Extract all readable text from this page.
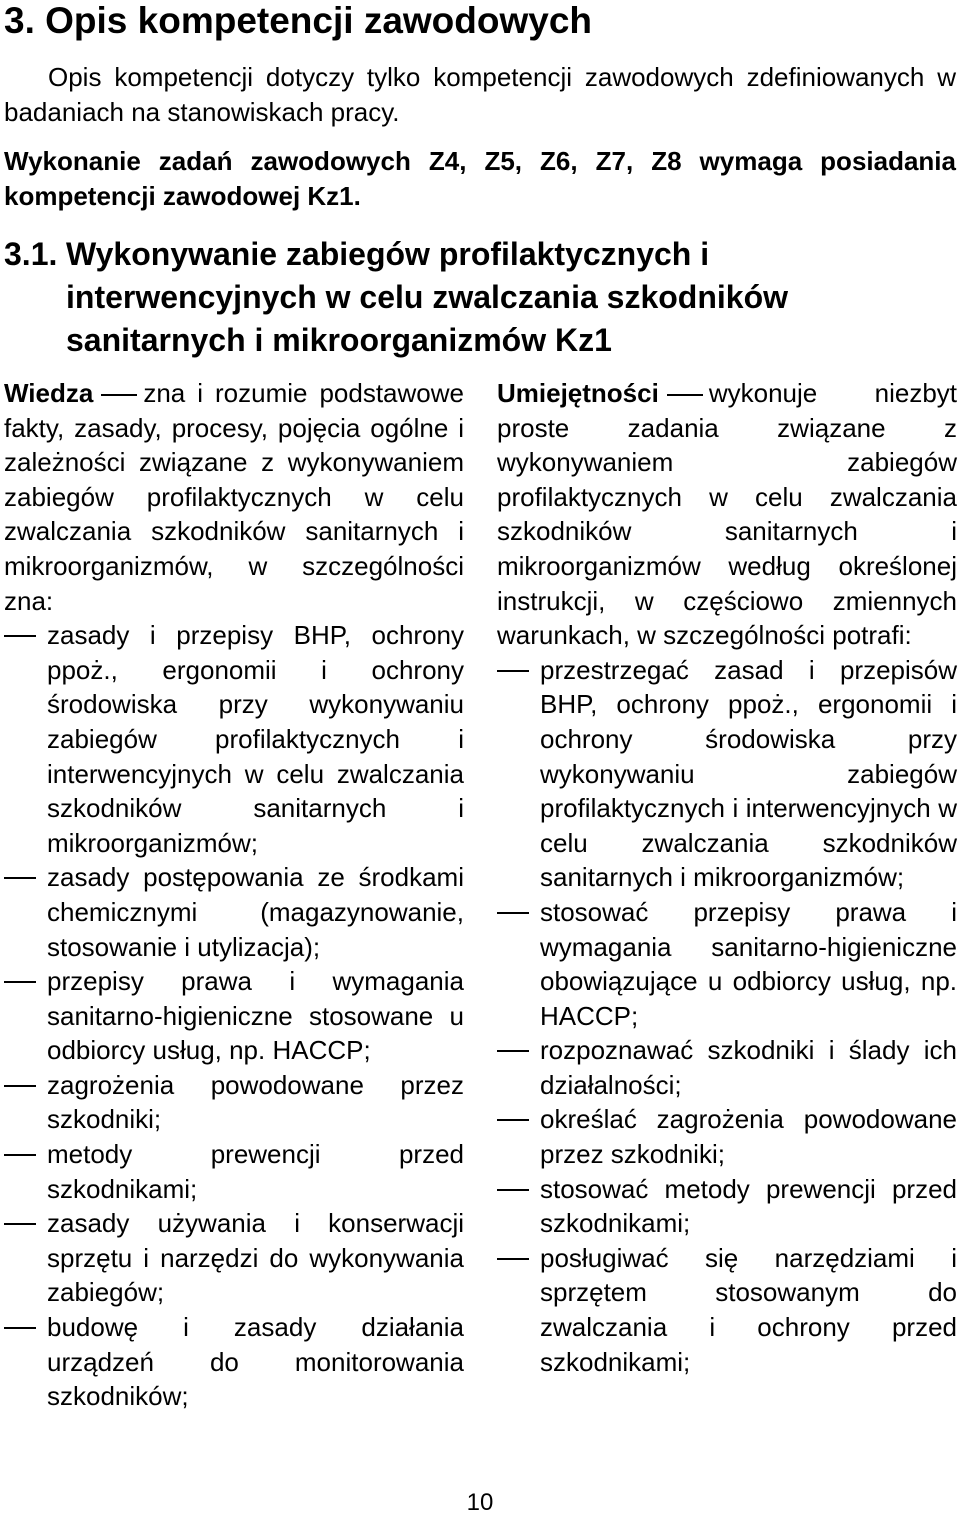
3. Opis kompetencji zawodowych

Opis kompetencji dotyczy tylko kompetencji zawodowych zdefiniowanych w badaniach na stanowiskach pracy.

Wykonanie zadań zawodowych Z4, Z5, Z6, Z7, Z8 wymaga posiadania kompetencji zawodowej Kz1.

3.1. Wykonywanie zabiegów profilaktycznych i interwencyjnych w celu zwalczania szkodników sanitarnych i mikroorganizmów Kz1

Wiedza zna i rozumie podstawowe fakty, zasady, procesy, pojęcia ogólne i zależności związane z wykonywaniem zabiegów profilaktycznych w celu zwalczania szkodników sanitarnych i mikroorganizmów, w szczególności zna:

zasady i przepisy BHP, ochrony ppoż., ergonomii i ochrony środowiska przy wykonywaniu zabiegów profilaktycznych i interwencyjnych w celu zwalczania szkodników sanitarnych i mikroorganizmów;
zasady postępowania ze środkami chemicznymi (magazynowanie, stosowanie i utylizacja);
przepisy prawa i wymagania sanitarno-higieniczne stosowane u odbiorcy usług, np. HACCP;
zagrożenia powodowane przez szkodniki;
metody prewencji przed szkodnikami;
zasady używania i konserwacji sprzętu i narzędzi do wykonywania zabiegów;
budowę i zasady działania urządzeń do monitorowania szkodników;

Umiejętności wykonuje niezbyt proste zadania związane z wykonywaniem zabiegów profilaktycznych w celu zwalczania szkodników sanitarnych i mikroorganizmów według określonej instrukcji, w częściowo zmiennych warunkach, w szczególności potrafi:

przestrzegać zasad i przepisów BHP, ochrony ppoż., ergonomii i ochrony środowiska przy wykonywaniu zabiegów profilaktycznych i interwencyjnych w celu zwalczania szkodników sanitarnych i mikroorganizmów;
stosować przepisy prawa i wymagania sanitarno-higieniczne obowiązujące u odbiorcy usług, np. HACCP;
rozpoznawać szkodniki i ślady ich działalności;
określać zagrożenia powodowane przez szkodniki;
stosować metody prewencji przed szkodnikami;
posługiwać się narzędziami i sprzętem stosowanym do zwalczania i ochrony przed szkodnikami;
10
